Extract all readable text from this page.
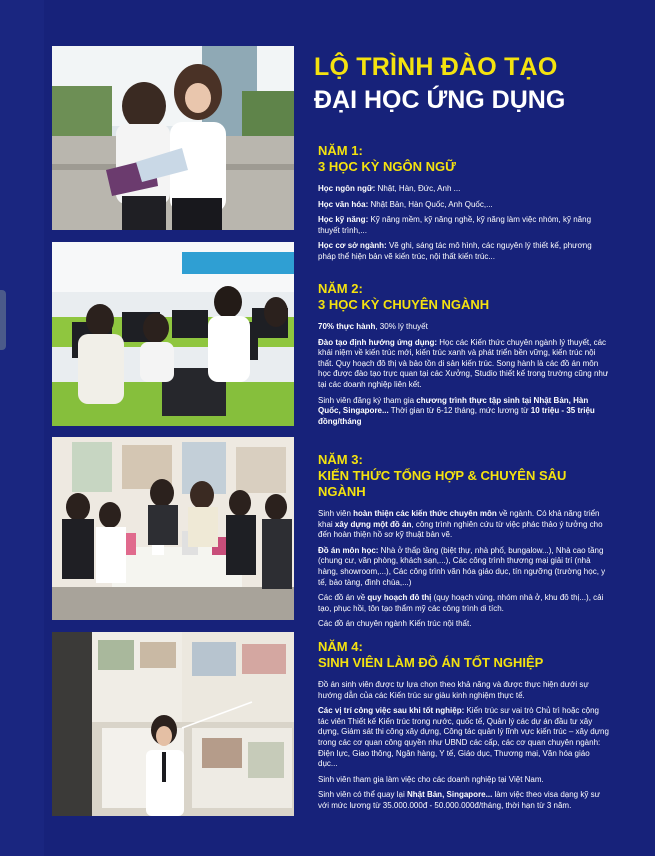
LỘ TRÌNH ĐÀO TẠO
ĐẠI HỌC ỨNG DỤNG
NĂM 1:
3 HỌC KỲ NGÔN NGỮ

Học ngôn ngữ: Nhật, Hàn, Đức, Anh ...

Học văn hóa: Nhật Bản, Hàn Quốc, Anh Quốc,...

Học kỹ năng: Kỹ năng mềm, kỹ năng nghề, kỹ năng làm việc nhóm, kỹ năng thuyết trình,...

Học cơ sở ngành: Vẽ ghi, sáng tác mô hình, các nguyên lý thiết kế, phương pháp thể hiện bản vẽ kiến trúc, nội thất kiến trúc...

NĂM 2:
3 HỌC KỲ CHUYÊN NGÀNH

70% thực hành, 30% lý thuyết

Đào tạo định hướng ứng dụng: Học các Kiến thức chuyên ngành lý thuyết, các khái niệm về kiến trúc mới, kiến trúc xanh và phát triển bền vững, kiến trúc nội thất. Quy hoạch đô thị và bảo tồn di sản kiến trúc. Song hành là các đồ án môn học được đào tạo trực quan tại các Xưởng, Studio thiết kế trong trường cũng như tại các doanh nghiệp liên kết.

Sinh viên đăng ký tham gia chương trình thực tập sinh tại Nhật Bản, Hàn Quốc, Singapore... Thời gian từ 6-12 tháng, mức lương từ 10 triệu - 35 triệu đồng/tháng

NĂM 3:
KIẾN THỨC TỔNG HỢP & CHUYÊN SÂU NGÀNH

Sinh viên hoàn thiện các kiến thức chuyên môn về ngành. Có khả năng triển khai xây dựng một đồ án, công trình nghiên cứu từ việc phác thảo ý tưởng cho đến hoàn thiện hồ sơ kỹ thuật bản vẽ.

Đồ án môn học: Nhà ở thấp tầng (biệt thự, nhà phố, bungalow...), Nhà cao tầng (chung cư, văn phòng, khách sạn,...), Các công trình thương mại giải trí (nhà hàng, showroom,...), Các công trình văn hóa giáo dục, tín ngưỡng (trường học, y tế, bảo tàng, đình chùa,...)

Các đồ án về quy hoạch đô thị (quy hoạch vùng, nhóm nhà ở, khu đô thị...), cải tạo, phục hồi, tôn tạo thẩm mỹ các công trình di tích.

Các đồ án chuyên ngành Kiến trúc nội thất.

NĂM 4:
SINH VIÊN LÀM ĐỒ ÁN TỐT NGHIỆP

Đồ án sinh viên được tự lựa chọn theo khả năng và được thực hiện dưới sự hướng dẫn của các Kiến trúc sư giàu kinh nghiệm thực tế.

Các vị trí công việc sau khi tốt nghiệp: Kiến trúc sư vai trò Chủ trì hoặc cộng tác viên Thiết kế Kiến trúc trong nước, quốc tế, Quản lý các dự án đầu tư xây dựng, Giám sát thi công xây dựng, Công tác quản lý lĩnh vực kiến trúc – xây dựng trong các cơ quan công quyền như UBND các cấp, các cơ quan chuyên ngành: Điện lực, Giao thông, Ngân hàng, Y tế, Giáo dục, Thương mại, Văn hóa giáo dục...

Sinh viên tham gia làm việc cho các doanh nghiệp tại Việt Nam.

Sinh viên có thể quay lại Nhật Bản, Singapore... làm việc theo visa dạng kỹ sư với mức lương từ 35.000.000đ - 50.000.000đ/tháng, thời hạn từ 3 năm.
